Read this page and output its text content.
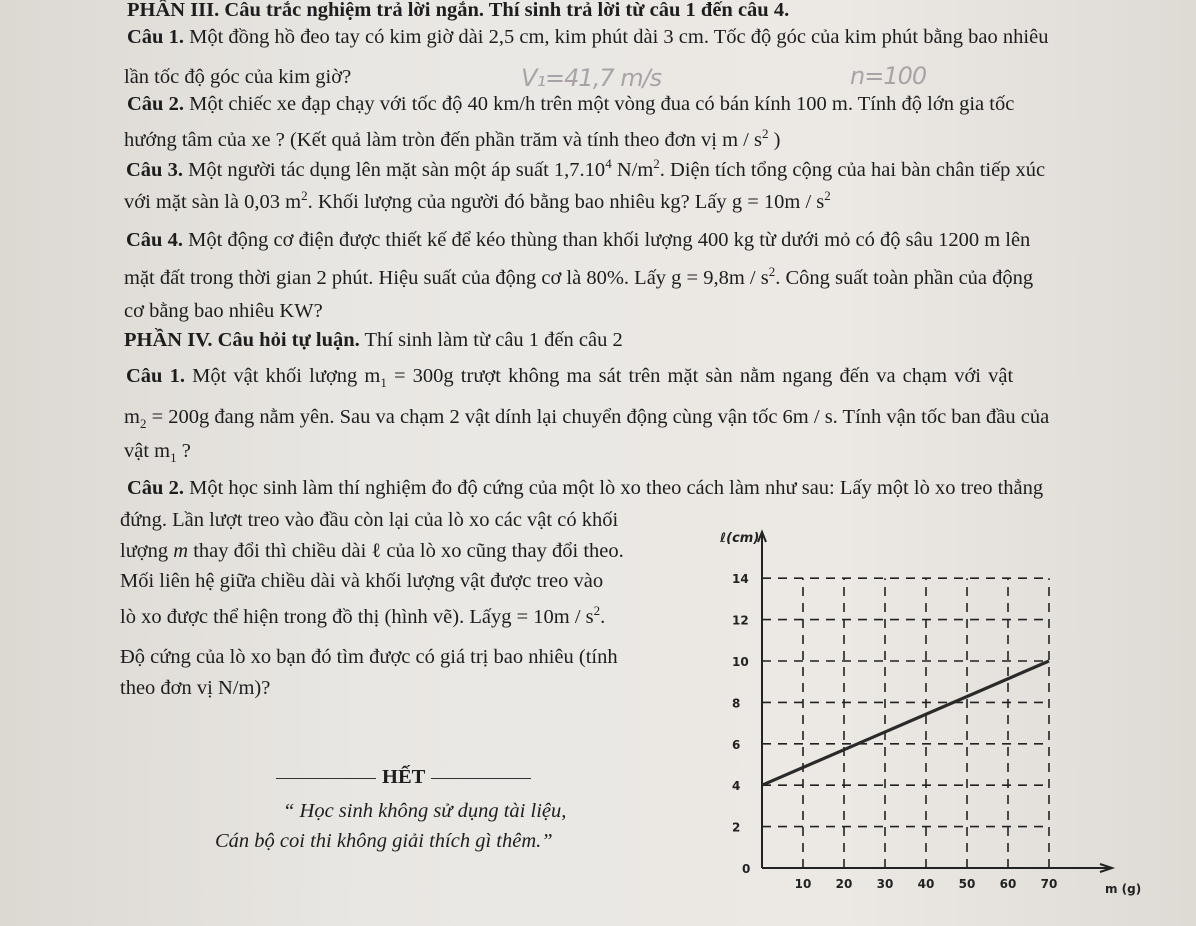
PHẦN III. Câu trắc nghiệm trả lời ngắn. Thí sinh trả lời từ câu 1 đến câu 4.
Câu 1. Một đồng hồ đeo tay có kim giờ dài 2,5 cm, kim phút dài 3 cm. Tốc độ góc của kim phút bằng bao nhiêu
lần tốc độ góc của kim giờ?
Câu 2. Một chiếc xe đạp chạy với tốc độ 40 km/h trên một vòng đua có bán kính 100 m. Tính độ lớn gia tốc
hướng tâm của xe ? (Kết quả làm tròn đến phần trăm và tính theo đơn vị m / $s^2$ )
Câu 3. Một người tác dụng lên mặt sàn một áp suất 1,7.10$^4$ $N/m^2$. Diện tích tổng cộng của hai bàn chân tiếp xúc
với mặt sàn là 0,03 $m^2$. Khối lượng của người đó bằng bao nhiêu kg? Lấy $g = 10m / s^2$
Câu 4. Một động cơ điện được thiết kế để kéo thùng than khối lượng 400 kg từ dưới mỏ có độ sâu 1200 m lên
mặt đất trong thời gian 2 phút. Hiệu suất của động cơ là 80%. Lấy $g = 9,8m / s^2$. Công suất toàn phần của động
cơ bằng bao nhiêu KW?
PHẦN IV. Câu hỏi tự luận. Thí sinh làm từ câu 1 đến câu 2
Câu 1. Một vật khối lượng $m_1 = 300g$ trượt không ma sát trên mặt sàn nằm ngang đến va chạm với vật
$m_2 = 200g$ đang nằm yên. Sau va chạm 2 vật dính lại chuyển động cùng vận tốc 6m / s. Tính vận tốc ban đầu của
vật $m_1$ ?
Câu 2. Một học sinh làm thí nghiệm đo độ cứng của một lò xo theo cách làm như sau: Lấy một lò xo treo thẳng
đứng. Lần lượt treo vào đầu còn lại của lò xo các vật có khối
lượng m thay đổi thì chiều dài ℓ của lò xo cũng thay đổi theo.
Mối liên hệ giữa chiều dài và khối lượng vật được treo vào
lò xo được thể hiện trong đồ thị (hình vẽ). Lấyg = $10m / s^2$.
Độ cứng của lò xo bạn đó tìm được có giá trị bao nhiêu (tính
theo đơn vị N/m)?
HẾT
“ Học sinh không sử dụng tài liệu,
Cán bộ coi thi không giải thích gì thêm.”
V₁=41,7 m/s	n=100
0
2
4
6
8
10
12
14
10 20 30 40 50 60 70
ℓ(cm)
m (g)
